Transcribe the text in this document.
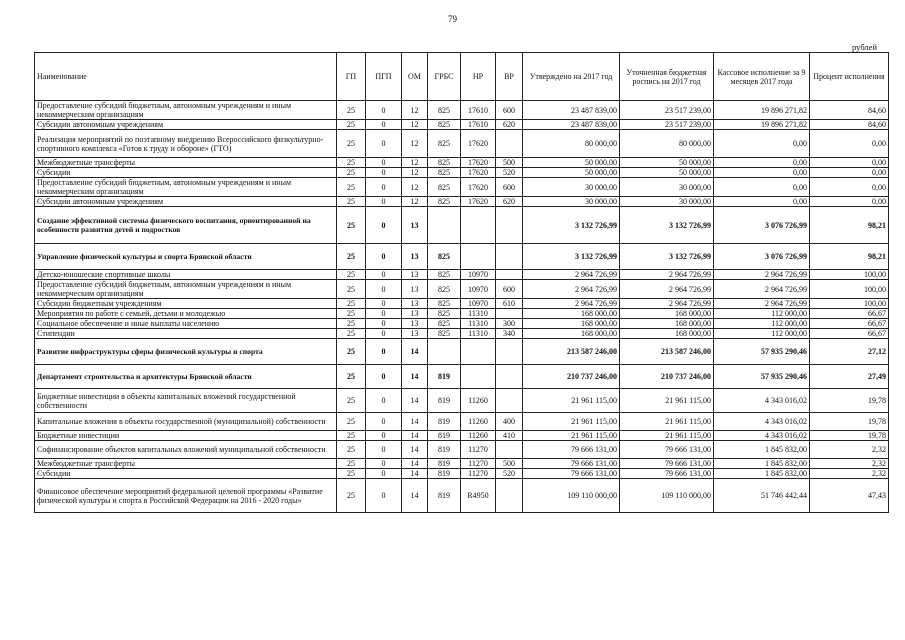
79
рублей
Наименование	ГП	ПГП	ОМ	ГРБС	НР	ВР	Утверждено на 2017 год	Уточненная бюджетная роспись на 2017 год	Кассовое исполнение за 9 месяцев 2017 года	Процент исполнения
Предоставление субсидий бюджетным, автономным учреждениям и иным некоммерческим организациям	25	0	12	825	17610	600	23 487 839,00	23 517 239,00	19 896 271,82	84,60
Субсидии автономным учреждениям	25	0	12	825	17610	620	23 487 839,00	23 517 239,00	19 896 271,82	84,60
Реализация мероприятий по поэтапному внедрению Всероссийского физкультурно-спортивного комплекса «Готов к труду и обороне» (ГТО)	25	0	12	825	17620		80 000,00	80 000,00	0,00	0,00
Межбюджетные трансферты	25	0	12	825	17620	500	50 000,00	50 000,00	0,00	0,00
Субсидии	25	0	12	825	17620	520	50 000,00	50 000,00	0,00	0,00
Предоставление субсидий бюджетным, автономным учреждениям и иным некоммерческим организациям	25	0	12	825	17620	600	30 000,00	30 000,00	0,00	0,00
Субсидии автономным учреждениям	25	0	12	825	17620	620	30 000,00	30 000,00	0,00	0,00
Создание эффективной системы физического воспитания, ориентированной на особенности развития детей и подростков	25	0	13				3 132 726,99	3 132 726,99	3 076 726,99	98,21
Управление физической культуры и спорта Брянской области	25	0	13	825			3 132 726,99	3 132 726,99	3 076 726,99	98,21
Детско-юношеские спортивные школы	25	0	13	825	10970		2 964 726,99	2 964 726,99	2 964 726,99	100,00
Предоставление субсидий бюджетным, автономным учреждениям и иным некоммерческим организациям	25	0	13	825	10970	600	2 964 726,99	2 964 726,99	2 964 726,99	100,00
Субсидии бюджетным учреждениям	25	0	13	825	10970	610	2 964 726,99	2 964 726,99	2 964 726,99	100,00
Мероприятия по работе с семьей, детьми и молодежью	25	0	13	825	11310		168 000,00	168 000,00	112 000,00	66,67
Социальное обеспечение и иные выплаты населению	25	0	13	825	11310	300	168 000,00	168 000,00	112 000,00	66,67
Стипендии	25	0	13	825	11310	340	168 000,00	168 000,00	112 000,00	66,67
Развитие инфраструктуры сферы физической культуры и спорта	25	0	14				213 587 246,00	213 587 246,00	57 935 290,46	27,12
Департамент строительства и архитектуры Брянской области	25	0	14	819			210 737 246,00	210 737 246,00	57 935 290,46	27,49
Бюджетные инвестиции в объекты капитальных вложений государственной собственности	25	0	14	819	11260		21 961 115,00	21 961 115,00	4 343 016,02	19,78
Капитальные вложения в объекты государственной (муниципальной) собственности	25	0	14	819	11260	400	21 961 115,00	21 961 115,00	4 343 016,02	19,78
Бюджетные инвестиции	25	0	14	819	11260	410	21 961 115,00	21 961 115,00	4 343 016,02	19,78
Софинансирование объектов капитальных вложений муниципальной собственности	25	0	14	819	11270		79 666 131,00	79 666 131,00	1 845 832,00	2,32
Межбюджетные трансферты	25	0	14	819	11270	500	79 666 131,00	79 666 131,00	1 845 832,00	2,32
Субсидии	25	0	14	819	11270	520	79 666 131,00	79 666 131,00	1 845 832,00	2,32
Финансовое обеспечение мероприятий федеральной целевой программы «Развитие физической культуры и спорта в Российской Федерации на 2016 - 2020 годы»	25	0	14	819	R4950		109 110 000,00	109 110 000,00	51 746 442,44	47,43
